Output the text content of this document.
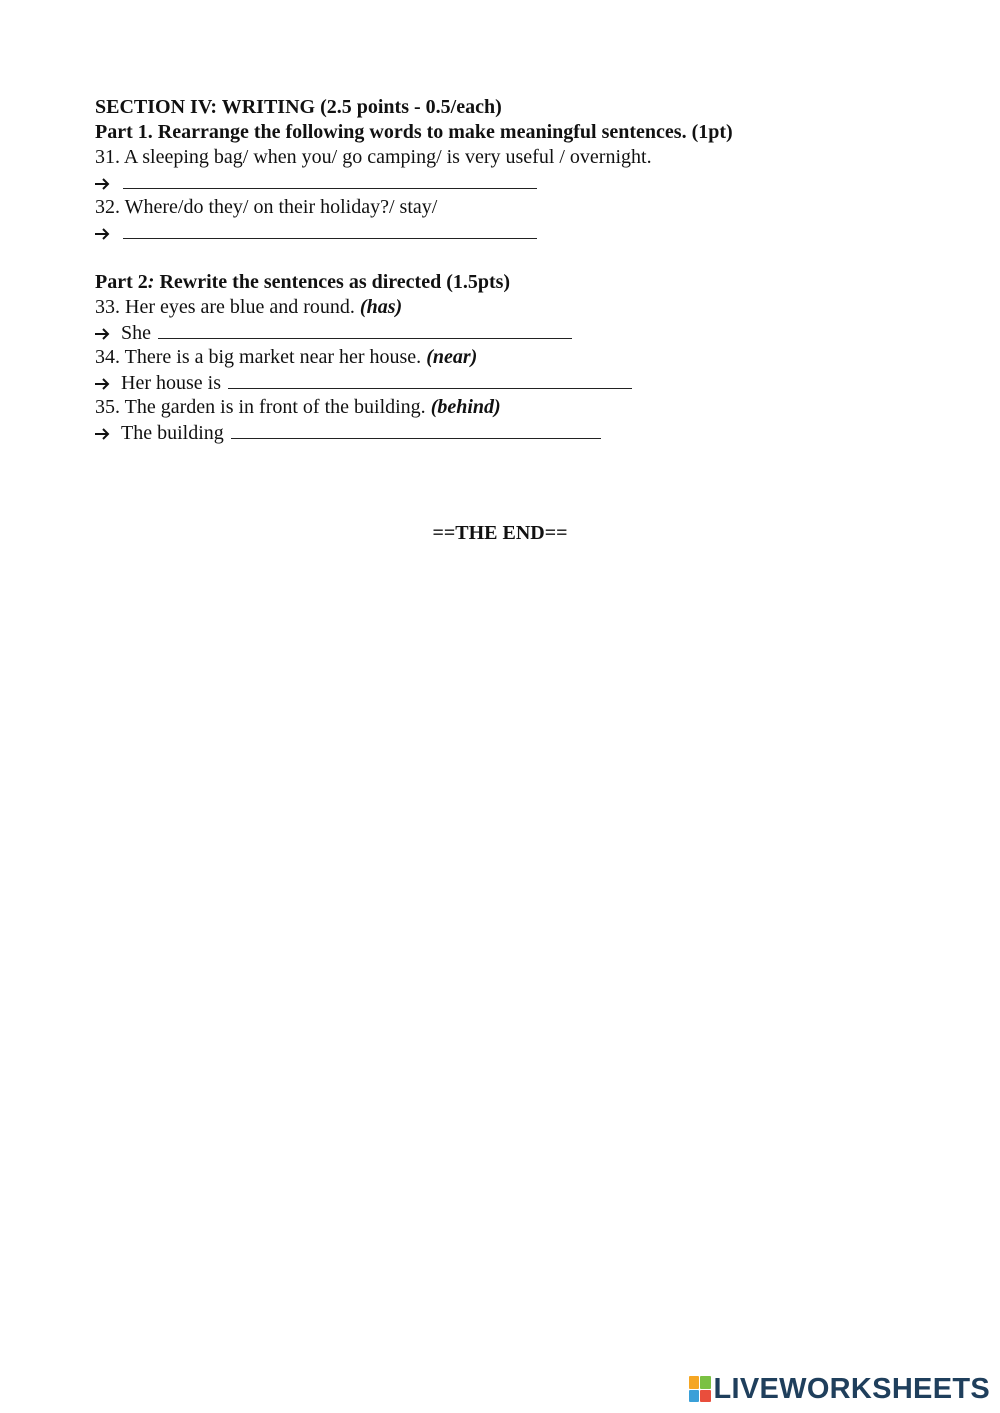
SECTION IV: WRITING (2.5 points - 0.5/each)
Part 1. Rearrange the following words to make meaningful sentences. (1pt)
31. A sleeping bag/ when you/ go camping/ is very useful / overnight.
32. Where/do they/ on their holiday?/ stay/
Part 2: Rewrite the sentences as directed (1.5pts)
33. Her eyes are blue and round. (has)
She
34. There is a big market near her house. (near)
Her house is
35. The garden is in front of the building. (behind)
The building
==THE END==
LIVEWORKSHEETS
